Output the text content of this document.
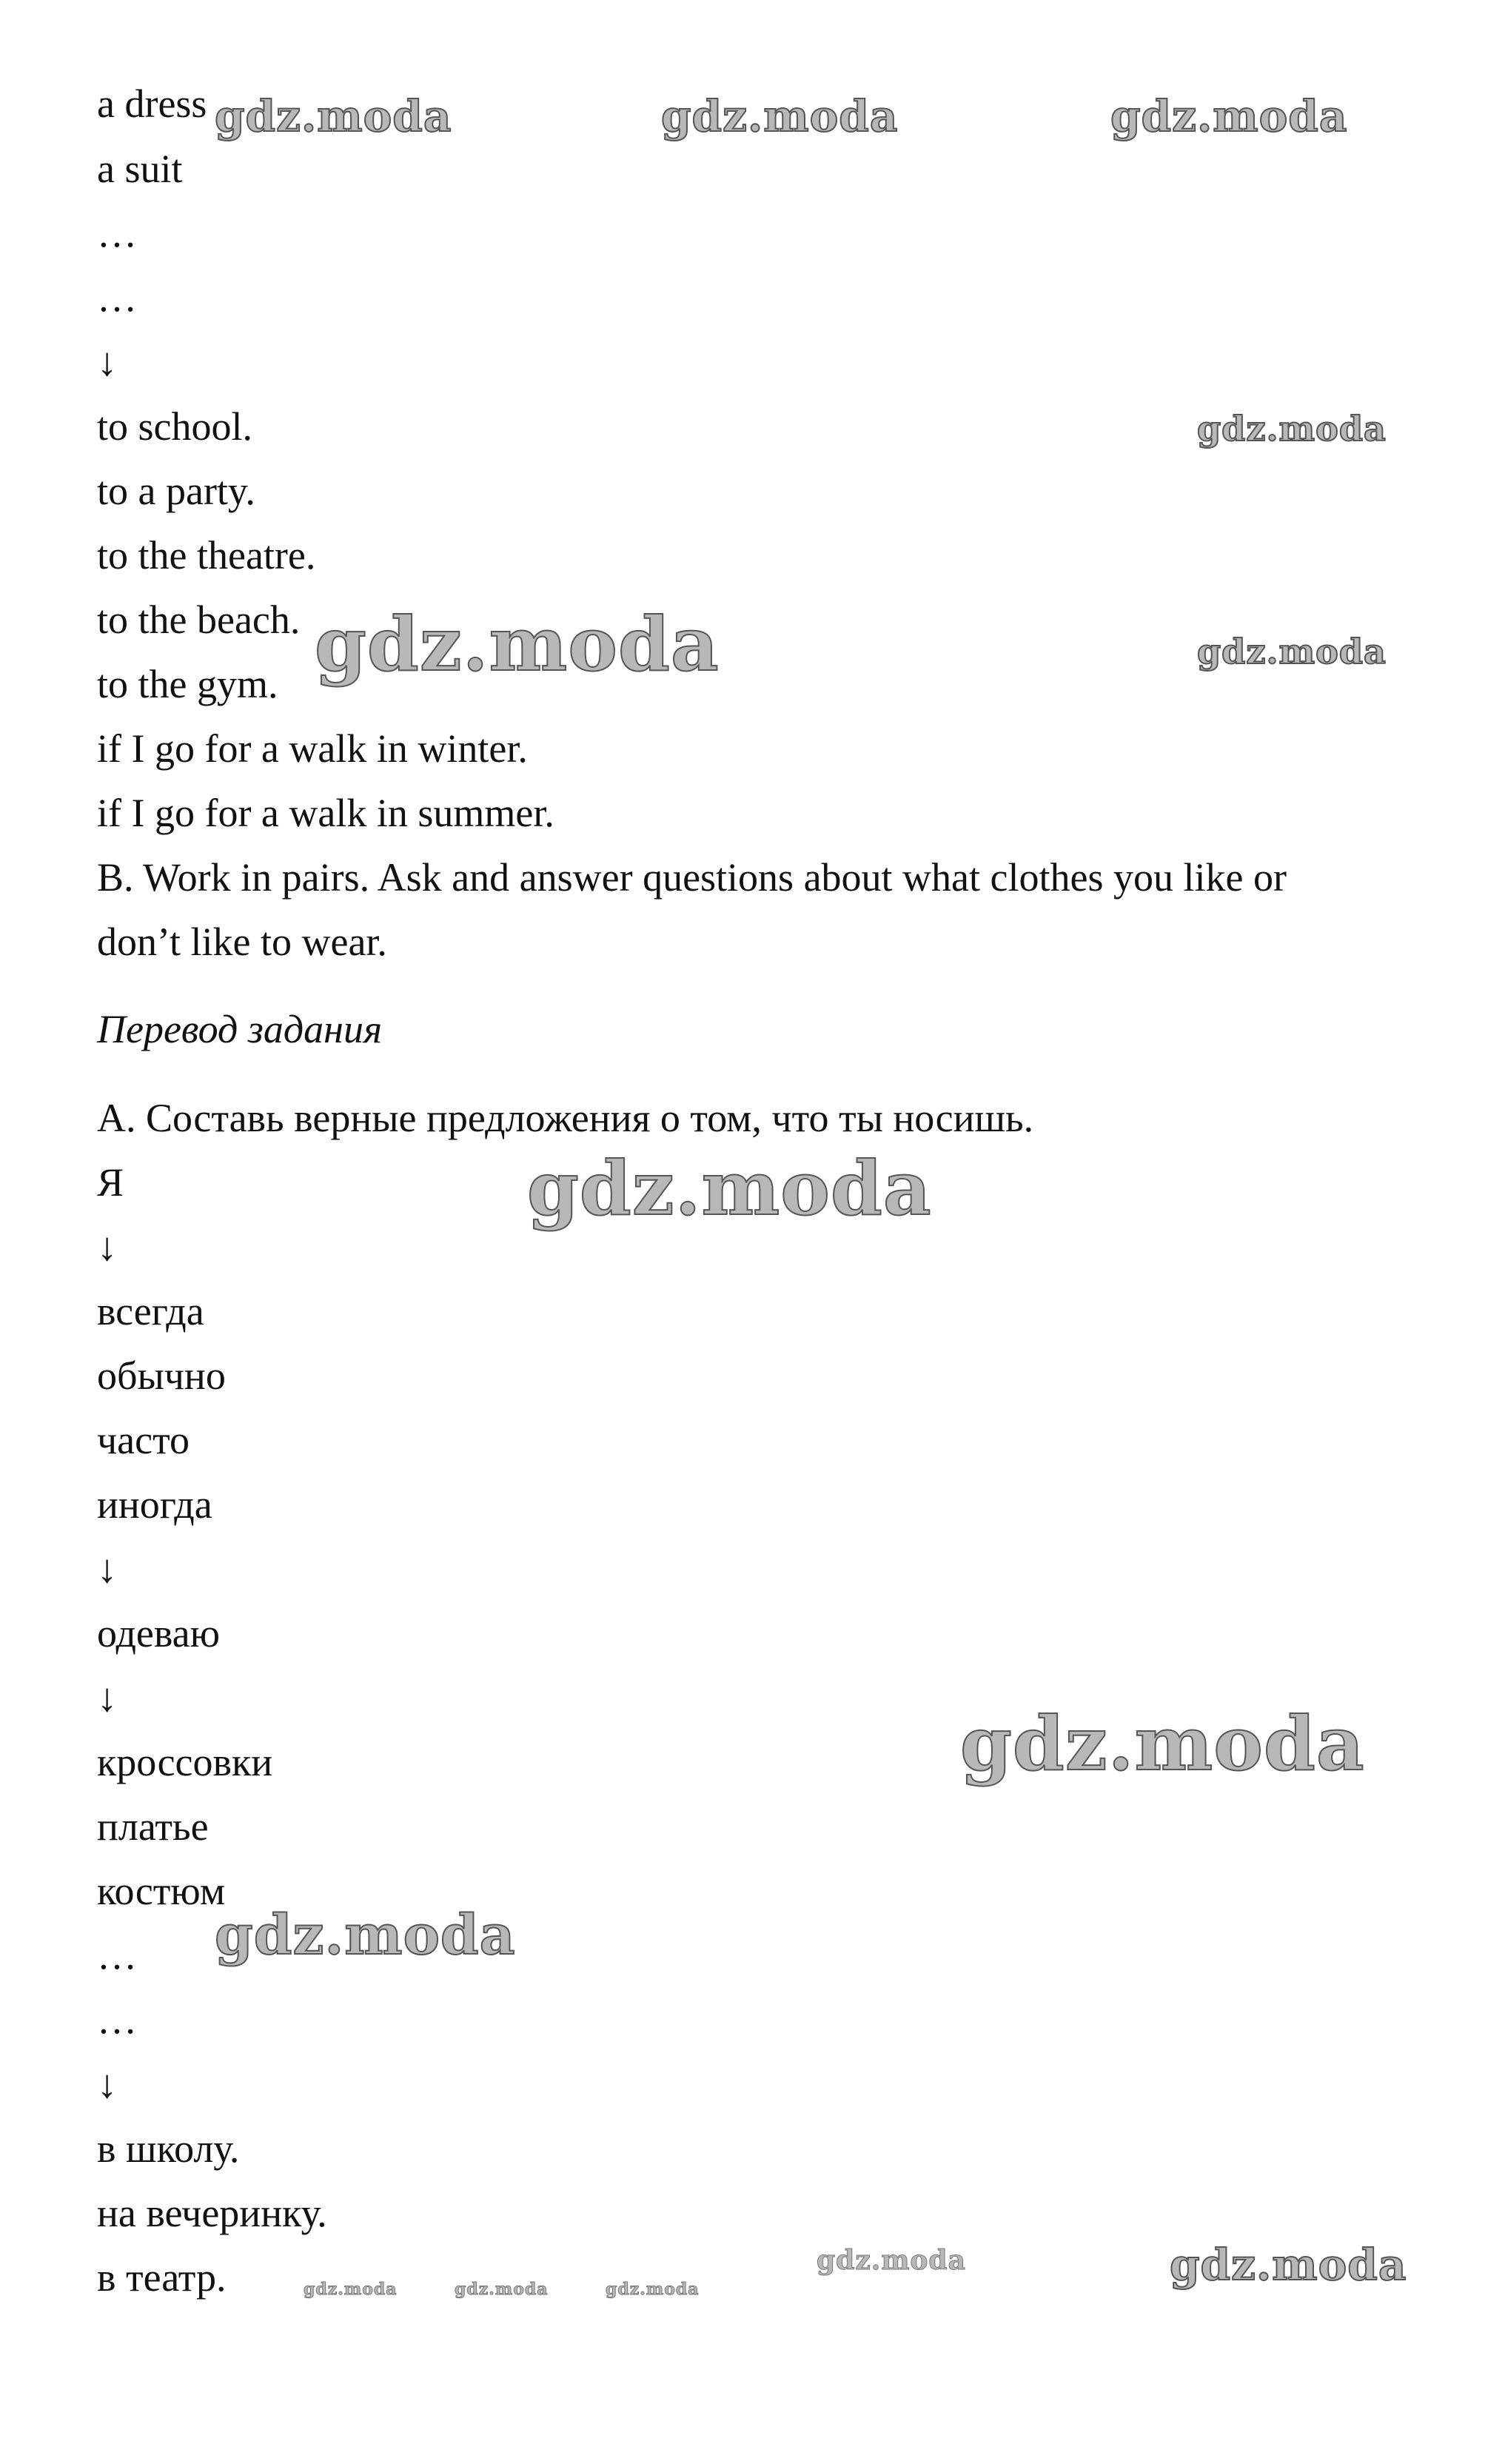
a dress
a suit
…
…
↓
to school.
to a party.
to the theatre.
to the beach.
to the gym.
if I go for a walk in winter.
if I go for a walk in summer.
B. Work in pairs. Ask and answer questions about what clothes you like or
don’t like to wear.
Перевод задания
A. Составь верные предложения о том, что ты носишь.
Я
↓
всегда
обычно
часто
иногда
↓
одеваю
↓
кроссовки
платье
костюм
…
…
↓
в школу.
на вечеринку.
в театр.
gdz.moda	gdz.moda	gdz.moda
gdz.moda
gdz.moda	gdz.moda
gdz.moda
gdz.moda
gdz.moda
gdz.moda	gdz.moda	gdz.moda
gdz.moda	gdz.moda
